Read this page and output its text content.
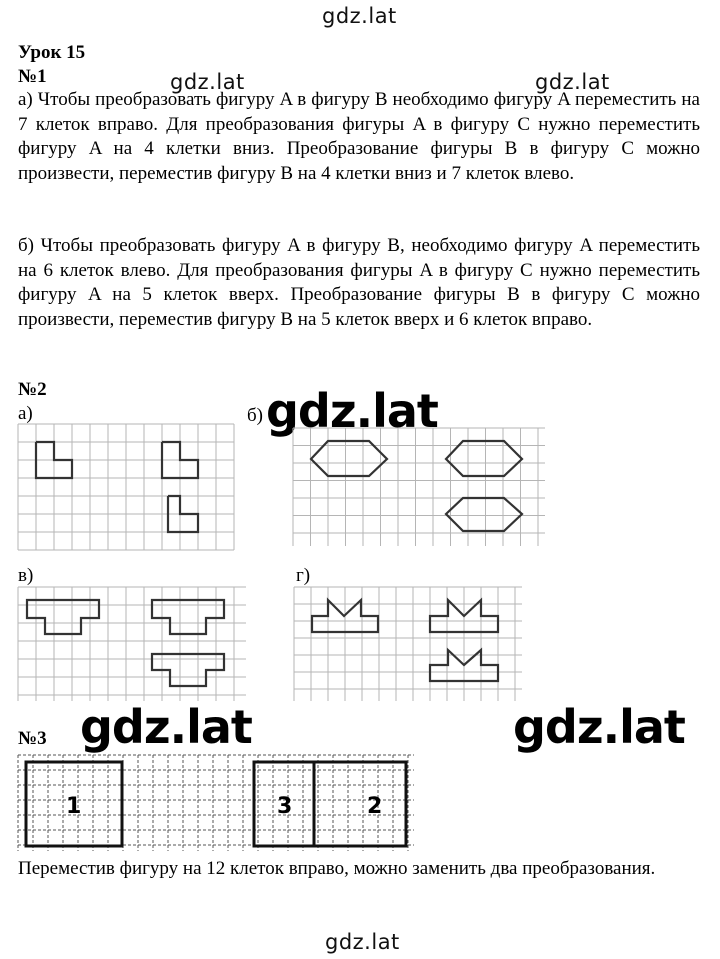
gdz.lat
gdz.lat	gdz.lat
gdz.lat
Урок 15
№1
а) Чтобы преобразовать фигуру A в фигуру B необходимо фигуру A переместить на 7 клеток вправо. Для преобразования фигуры A в фигуру C нужно переместить фигуру A на 4 клетки вниз. Преобразование фигуры B в фигуру C можно произвести, переместив фигуру B на 4 клетки вниз и 7 клеток влево.
б) Чтобы преобразовать фигуру A в фигуру B, необходимо фигуру A переместить на 6 клеток влево. Для преобразования фигуры A в фигуру C нужно переместить фигуру A на 5 клеток вверх. Преобразование фигуры B в фигуру C можно произвести, переместив фигуру B на 5 клеток вверх и 6 клеток вправо.
№2
а)	б) gdz.lat
в)	г)
gdz.lat	gdz.lat
№3
1	3	2
Переместив фигуру на 12 клеток вправо, можно заменить два преобразования.
